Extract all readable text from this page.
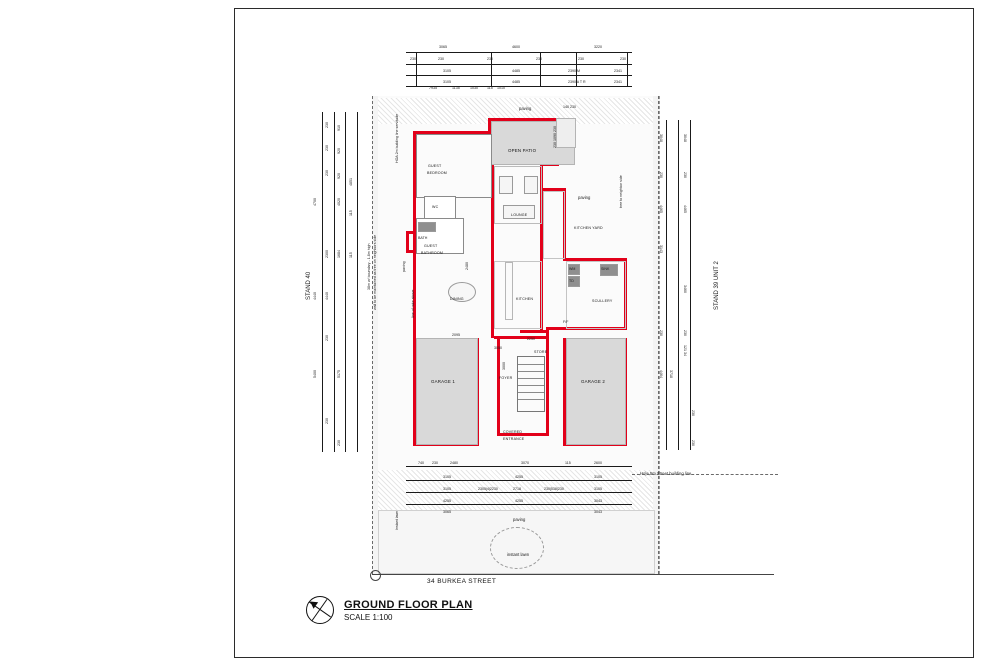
OPEN PATIO
GUEST
BEDROOM
WC
GUEST
BATHROOM
LOUNGE
KITCHEN YARD
DINING	KITCHEN	SCULLERY
GARAGE 1	GARAGE 2
FOYER
STORE
COVERED
ENTRANCE
WM	SINK
TD
F/F
BATH
paving
paving
paving
paving
instant lawn
tree to neighbor side
line of rake above
HOA 2m building line servitude
38m w/ boundary - 1.8m high wall to be maintained as tree on neighbors side
Instant lawn
Ho|e 5m Street building line
STAND 40	STAND 39 UNIT 2
3065	4600	3220
230	230	230	230	230	230
3105	4485	2390 M	2341
2390 A T R	2341
3105	4485
7935	1135	1030	115 1010
140 230
230 1090 230
230 910
230 920
230 920
115
4851
4020
4700
2300 1684 115
4440 4440
5175
5400
230
230
230
3048	3048
230	230
4465	4465
3143
3460
230	230
4464 3718
121 34
230
230
740 230	2480	3070	115	2600
3105	4255	3105
3105	2305|4|2230	2718	230|538|230	3105
4255	4255	3043
3065	3043
3050
3000
2250
2480
2095
34 BURKEA STREET
GROUND FLOOR PLAN
SCALE 1:100
